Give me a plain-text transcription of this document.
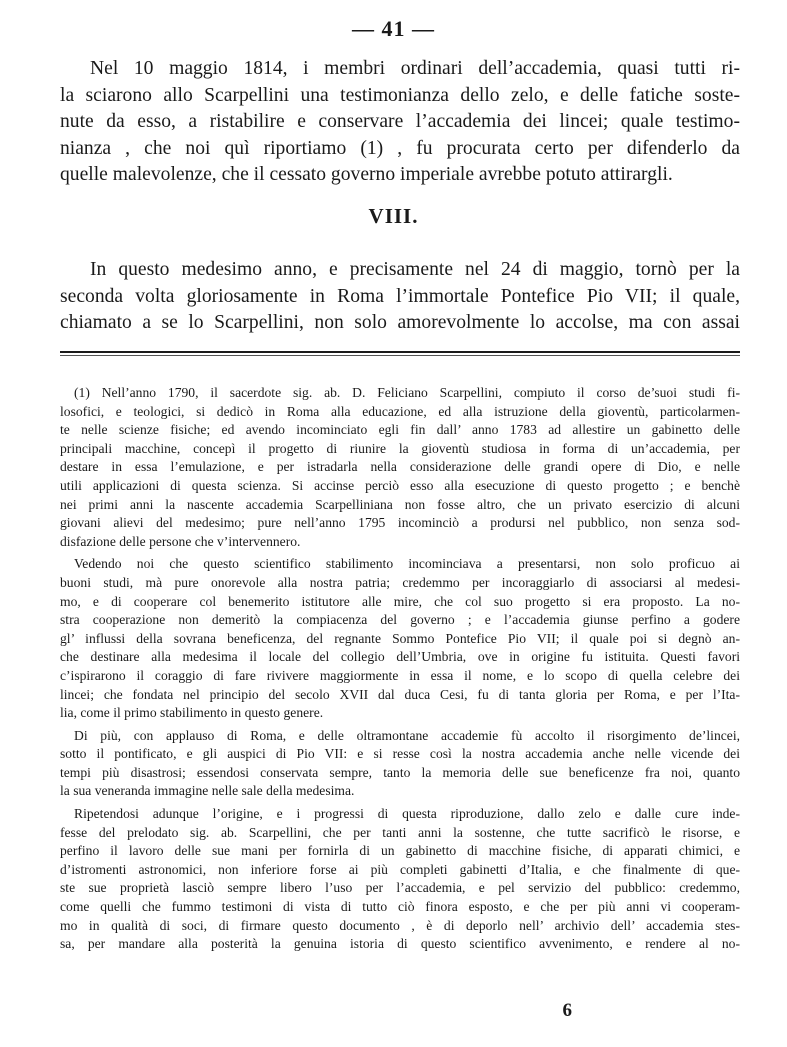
— 41 —
Nel 10 maggio 1814, i membri ordinari dell’accademia, quasi tutti ri-
la sciarono allo Scarpellini una testimonianza dello zelo, e delle fatiche soste-
nute da esso, a ristabilire e conservare l’accademia dei lincei; quale testimo-
nianza , che noi quì riportiamo (1) , fu procurata certo per difenderlo da
quelle malevolenze, che il cessato governo imperiale avrebbe potuto attirargli.
VIII.
In questo medesimo anno, e precisamente nel 24 di maggio, tornò per la
seconda volta gloriosamente in Roma l’immortale Pontefice Pio VII; il quale,
chiamato a se lo Scarpellini, non solo amorevolmente lo accolse, ma con assai
(1) Nell’anno 1790, il sacerdote sig. ab. D. Feliciano Scarpellini, compiuto il corso de’suoi studi fi-
losofici, e teologici, si dedicò in Roma alla educazione, ed alla istruzione della gioventù, particolarmen-
te nelle scienze fisiche; ed avendo incominciato egli fin dall’ anno 1783 ad allestire un gabinetto delle
principali macchine, concepì il progetto di riunire la gioventù studiosa in forma di un’accademia, per
destare in essa l’emulazione, e per istradarla nella considerazione delle grandi opere di Dio, e nelle
utili applicazioni di questa scienza. Si accinse perciò esso alla esecuzione di questo progetto ; e benchè
nei primi anni la nascente accademia Scarpelliniana non fosse altro, che un privato esercizio di alcuni
giovani alievi del medesimo; pure nell’anno 1795 incominciò a prodursi nel pubblico, non senza sod-
disfazione delle persone che v’intervennero.
Vedendo noi che questo scientifico stabilimento incominciava a presentarsi, non solo proficuo ai
buoni studi, mà pure onorevole alla nostra patria; credemmo per incoraggiarlo di associarsi al medesi-
mo, e di cooperare col benemerito istitutore alle mire, che col suo progetto si era proposto. La no-
stra cooperazione non demeritò la compiacenza del governo ; e l’accademia giunse perfino a godere
gl’ influssi della sovrana beneficenza, del regnante Sommo Pontefice Pio VII; il quale poi si degnò an-
che destinare alla medesima il locale del collegio dell’Umbria, ove in origine fu istituita. Questi favori
c’ispirarono il coraggio di fare rivivere maggiormente in essa il nome, e lo scopo di quella celebre dei
lincei; che fondata nel principio del secolo XVII dal duca Cesi, fu di tanta gloria per Roma, e per l’Ita-
lia, come il primo stabilimento in questo genere.
Di più, con applauso di Roma, e delle oltramontane accademie fù accolto il risorgimento de’lincei,
sotto il pontificato, e gli auspici di Pio VII: e si resse così la nostra accademia anche nelle vicende dei
tempi più disastrosi; essendosi conservata sempre, tanto la memoria delle sue beneficenze fra noi, quanto
la sua veneranda immagine nelle sale della medesima.
Ripetendosi adunque l’origine, e i progressi di questa riproduzione, dallo zelo e dalle cure inde-
fesse del prelodato sig. ab. Scarpellini, che per tanti anni la sostenne, che tutte sacrificò le risorse, e
perfino il lavoro delle sue mani per fornirla di un gabinetto di macchine fisiche, di apparati chimici, e
d’istromenti astronomici, non inferiore forse ai più completi gabinetti d’Italia, e che finalmente di que-
ste sue proprietà lasciò sempre libero l’uso per l’accademia, e pel servizio del pubblico: credemmo,
come quelli che fummo testimoni di vista di tutto ciò finora esposto, e che per più anni vi cooperam-
mo in qualità di soci, di firmare questo documento , è di deporlo nell’ archivio dell’ accademia stes-
sa, per mandare alla posterità la genuina istoria di questo scientifico avvenimento, e rendere al no-
6
